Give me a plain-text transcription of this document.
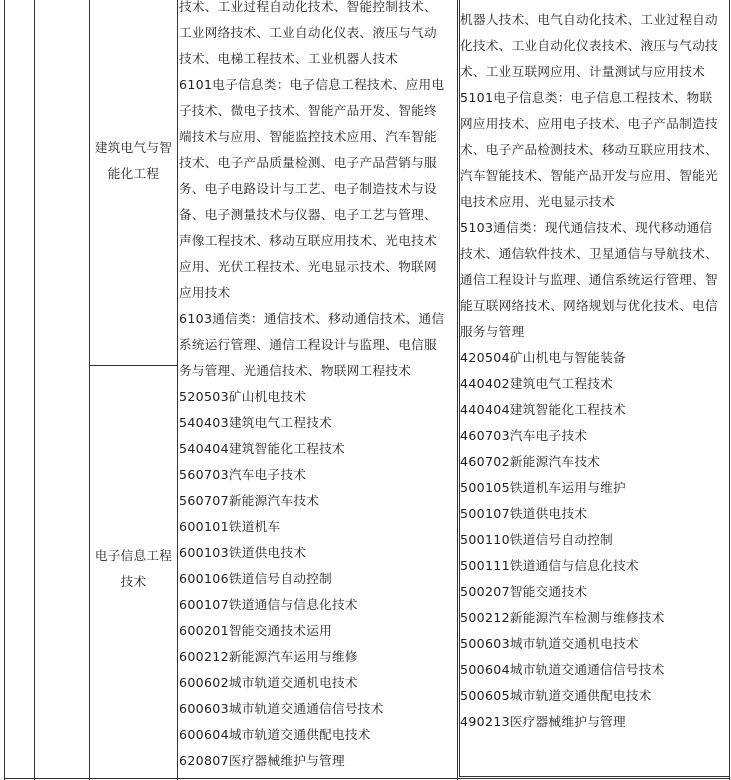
建筑电气与智
能化工程
电子信息工程
技术
技术、工业过程自动化技术、智能控制技术、
工业网络技术、工业自动化仪表、液压与气动
技术、电梯工程技术、工业机器人技术
6101电子信息类：电子信息工程技术、应用电
子技术、微电子技术、智能产品开发、智能终
端技术与应用、智能监控技术应用、汽车智能
技术、电子产品质量检测、电子产品营销与服
务、电子电路设计与工艺、电子制造技术与设
备、电子测量技术与仪器、电子工艺与管理、
声像工程技术、移动互联应用技术、光电技术
应用、光伏工程技术、光电显示技术、物联网
应用技术
6103通信类：通信技术、移动通信技术、通信
系统运行管理、通信工程设计与监理、电信服
务与管理、光通信技术、物联网工程技术
520503矿山机电技术
540403建筑电气工程技术
540404建筑智能化工程技术
560703汽车电子技术
560707新能源汽车技术
600101铁道机车
600103铁道供电技术
600106铁道信号自动控制
600107铁道通信与信息化技术
600201智能交通技术运用
600212新能源汽车运用与维修
600602城市轨道交通机电技术
600603城市轨道交通通信信号技术
600604城市轨道交通供配电技术
620807医疗器械维护与管理
机器人技术、电气自动化技术、工业过程自动
化技术、工业自动化仪表技术、液压与气动技
术、工业互联网应用、计量测试与应用技术
5101电子信息类：电子信息工程技术、物联
网应用技术、应用电子技术、电子产品制造技
术、电子产品检测技术、移动互联应用技术、
汽车智能技术、智能产品开发与应用、智能光
电技术应用、光电显示技术
5103通信类：现代通信技术、现代移动通信
技术、通信软件技术、卫星通信与导航技术、
通信工程设计与监理、通信系统运行管理、智
能互联网络技术、网络规划与优化技术、电信
服务与管理
420504矿山机电与智能装备
440402建筑电气工程技术
440404建筑智能化工程技术
460703汽车电子技术
460702新能源汽车技术
500105铁道机车运用与维护
500107铁道供电技术
500110铁道信号自动控制
500111铁道通信与信息化技术
500207智能交通技术
500212新能源汽车检测与维修技术
500603城市轨道交通机电技术
500604城市轨道交通通信信号技术
500605城市轨道交通供配电技术
490213医疗器械维护与管理
